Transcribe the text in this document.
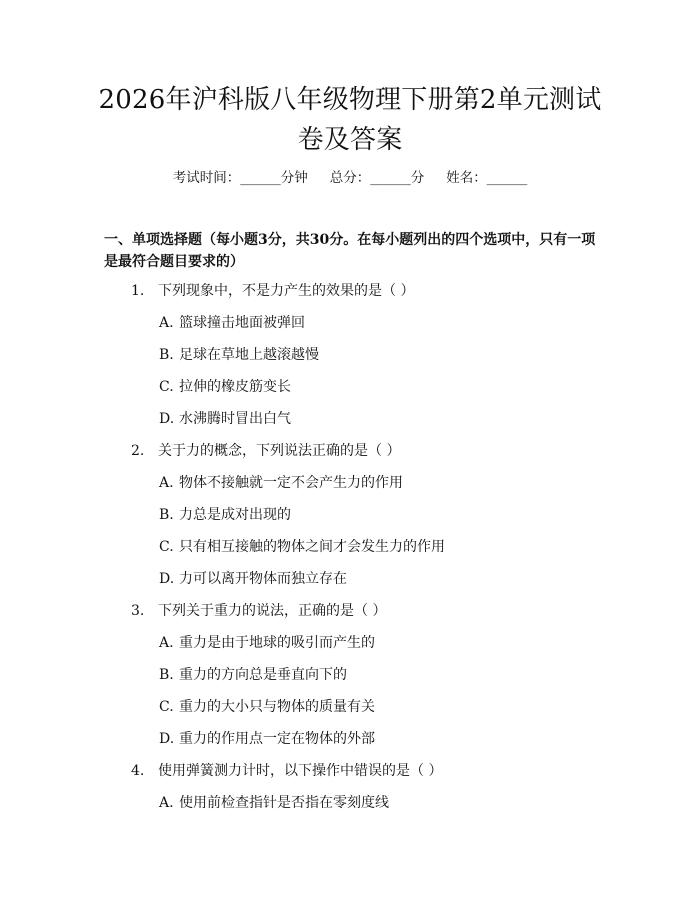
2026年沪科版八年级物理下册第2单元测试卷及答案
考试时间：______分钟 总分：______分 姓名：______
一、单项选择题（每小题3分，共30分。在每小题列出的四个选项中，只有一项是最符合题目要求的）
1. 下列现象中，不是力产生的效果的是（ ）
A. 篮球撞击地面被弹回
B. 足球在草地上越滚越慢
C. 拉伸的橡皮筋变长
D. 水沸腾时冒出白气
2. 关于力的概念，下列说法正确的是（ ）
A. 物体不接触就一定不会产生力的作用
B. 力总是成对出现的
C. 只有相互接触的物体之间才会发生力的作用
D. 力可以离开物体而独立存在
3. 下列关于重力的说法，正确的是（ ）
A. 重力是由于地球的吸引而产生的
B. 重力的方向总是垂直向下的
C. 重力的大小只与物体的质量有关
D. 重力的作用点一定在物体的外部
4. 使用弹簧测力计时，以下操作中错误的是（ ）
A. 使用前检查指针是否指在零刻度线
